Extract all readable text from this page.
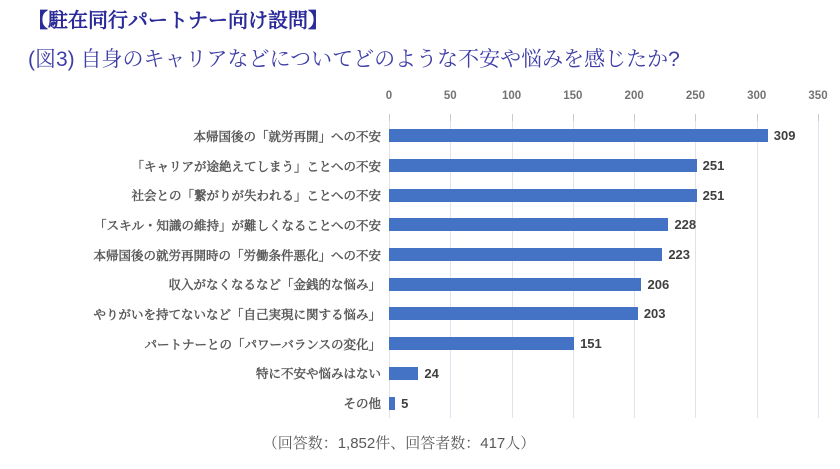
【駐在同行パートナー向け設問】
(図3) 自身のキャリアなどについてどのような不安や悩みを感じたか?
0	50	100	150	200	250	300	350
本帰国後の「就労再開」への不安
「キャリアが途絶えてしまう」ことへの不安
社会との「繋がりが失われる」ことへの不安
「スキル・知識の維持」が難しくなることへの不安
本帰国後の就労再開時の「労働条件悪化」への不安
収入がなくなるなど「金銭的な悩み」
やりがいを持てないなど「自己実現に関する悩み」
パートナーとの「パワーバランスの変化」
特に不安や悩みはない
その他
309
251
251
228
223
206
203
151
24
5
（回答数：1,852件、回答者数：417人）
